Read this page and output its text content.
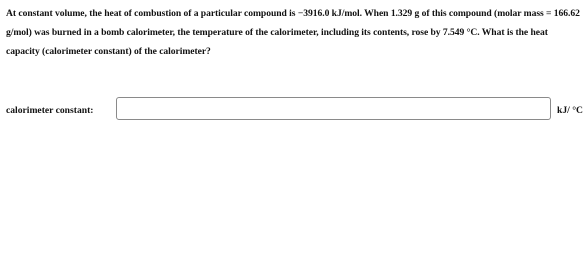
At constant volume, the heat of combustion of a particular compound is −3916.0 kJ/mol. When 1.329 g of this compound (molar mass = 166.62 g/mol) was burned in a bomb calorimeter, the temperature of the calorimeter, including its contents, rose by 7.549 °C. What is the heat capacity (calorimeter constant) of the calorimeter?

calorimeter constant:	kJ/ °C
